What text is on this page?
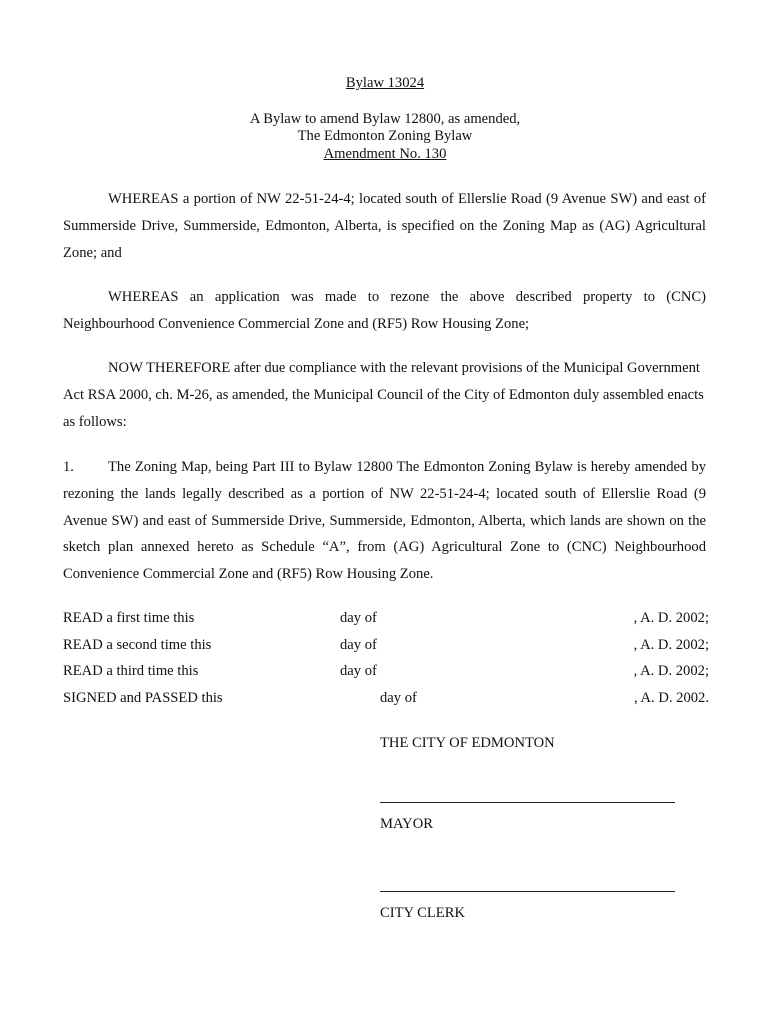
Bylaw 13024
A Bylaw to amend Bylaw 12800, as amended,
The Edmonton Zoning Bylaw
Amendment No. 130

WHEREAS a portion of NW 22-51-24-4; located south of Ellerslie Road (9 Avenue SW) and east of Summerside Drive, Summerside, Edmonton, Alberta, is specified on the Zoning Map as (AG) Agricultural Zone; and

WHEREAS an application was made to rezone the above described property to (CNC) Neighbourhood Convenience Commercial Zone and (RF5) Row Housing Zone;

NOW THEREFORE after due compliance with the relevant provisions of the Municipal Government Act RSA 2000, ch. M-26, as amended, the Municipal Council of the City of Edmonton duly assembled enacts as follows:

1. The Zoning Map, being Part III to Bylaw 12800 The Edmonton Zoning Bylaw is hereby amended by rezoning the lands legally described as a portion of NW 22-51-24-4; located south of Ellerslie Road (9 Avenue SW) and east of Summerside Drive, Summerside, Edmonton, Alberta, which lands are shown on the sketch plan annexed hereto as Schedule “A”, from (AG) Agricultural Zone to (CNC) Neighbourhood Convenience Commercial Zone and (RF5) Row Housing Zone.

READ a first time this	day of	, A. D. 2002;
READ a second time this	day of	, A. D. 2002;
READ a third time this	day of	, A. D. 2002;
SIGNED and PASSED this	day of	, A. D. 2002.
THE CITY OF EDMONTON
MAYOR
CITY CLERK
